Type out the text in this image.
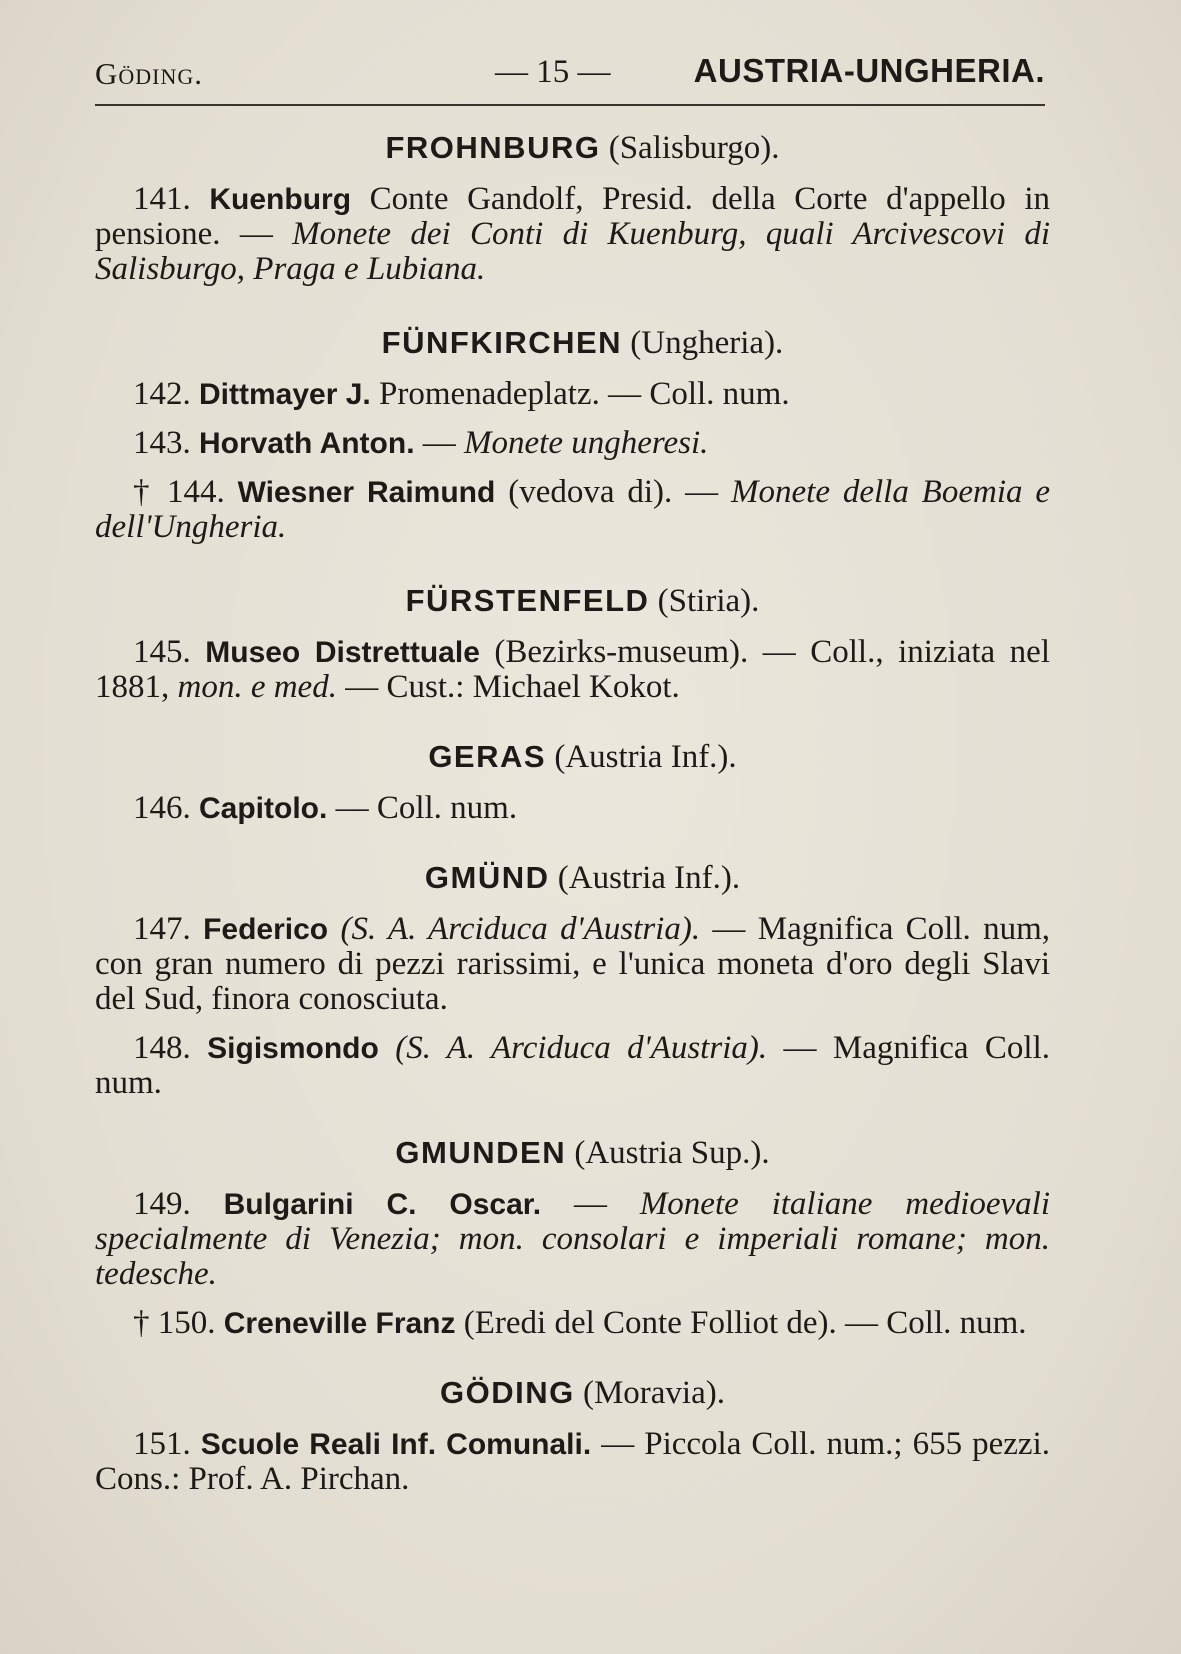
Göding.	— 15 —	AUSTRIA-UNGHERIA.

FROHNBURG (Salisburgo).

141. Kuenburg Conte Gandolf, Presid. della Corte d'appello in pensione. — Monete dei Conti di Kuenburg, quali Arcivescovi di Salisburgo, Praga e Lubiana.

FÜNFKIRCHEN (Ungheria).

142. Dittmayer J. Promenadeplatz. — Coll. num.

143. Horvath Anton. — Monete ungheresi.

† 144. Wiesner Raimund (vedova di). — Monete della Boemia e dell'Ungheria.

FÜRSTENFELD (Stiria).

145. Museo Distrettuale (Bezirks-museum). — Coll., iniziata nel 1881, mon. e med. — Cust.: Michael Kokot.

GERAS (Austria Inf.).

146. Capitolo. — Coll. num.

GMÜND (Austria Inf.).

147. Federico (S. A. Arciduca d'Austria). — Magnifica Coll. num, con gran numero di pezzi rarissimi, e l'unica moneta d'oro degli Slavi del Sud, finora conosciuta.

148. Sigismondo (S. A. Arciduca d'Austria). — Magnifica Coll. num.

GMUNDEN (Austria Sup.).

149. Bulgarini C. Oscar. — Monete italiane medioevali specialmente di Venezia; mon. consolari e imperiali romane; mon. tedesche.

† 150. Creneville Franz (Eredi del Conte Folliot de). — Coll. num.

GÖDING (Moravia).

151. Scuole Reali Inf. Comunali. — Piccola Coll. num.; 655 pezzi. Cons.: Prof. A. Pirchan.
